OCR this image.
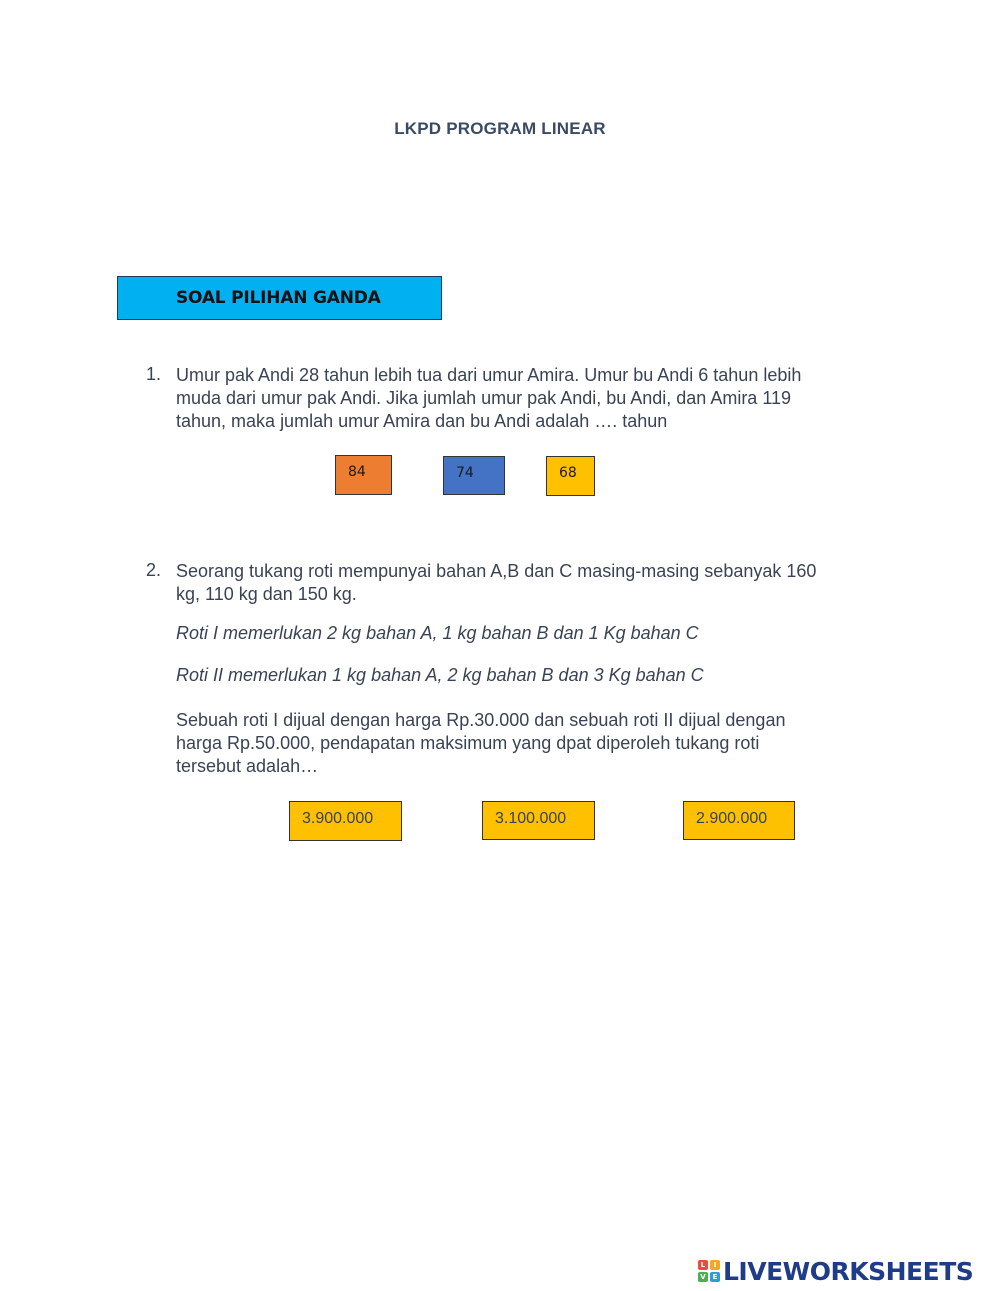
LKPD PROGRAM LINEAR
SOAL PILIHAN GANDA
1. Umur pak Andi 28 tahun lebih tua dari umur Amira. Umur bu Andi 6 tahun lebih
muda dari umur pak Andi. Jika jumlah umur pak Andi, bu Andi, dan Amira 119
tahun, maka jumlah umur Amira dan bu Andi adalah …. tahun
84	74	68
2. Seorang tukang roti mempunyai bahan A,B dan C masing-masing sebanyak 160
kg, 110 kg dan 150 kg.
Roti I memerlukan 2 kg bahan A, 1 kg bahan B dan 1 Kg bahan C
Roti II memerlukan 1 kg bahan A, 2 kg bahan B dan 3 Kg bahan C
Sebuah roti I dijual dengan harga Rp.30.000 dan sebuah roti II dijual dengan
harga Rp.50.000, pendapatan maksimum yang dpat diperoleh tukang roti
tersebut adalah…
3.900.000	3.100.000	2.900.000
L	I
V E LIVEWORKSHEETS
